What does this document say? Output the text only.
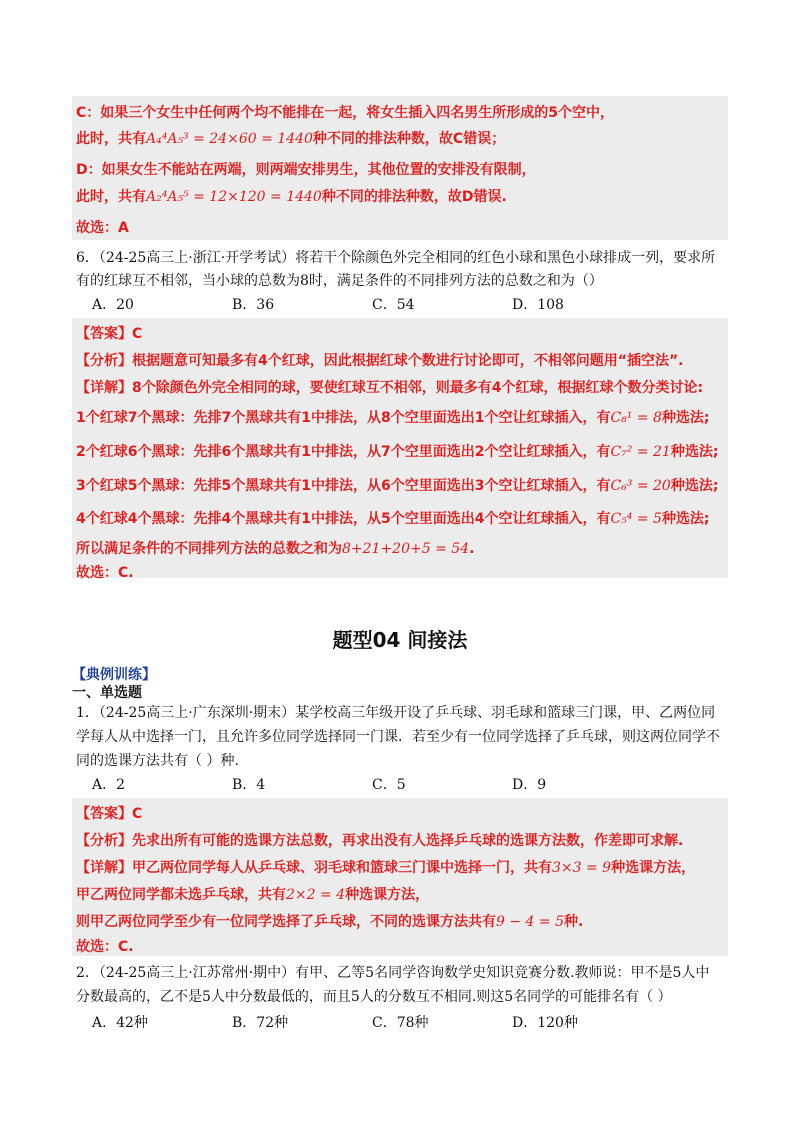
C：如果三个女生中任何两个均不能排在一起，将女生插入四名男生所形成的5个空中，
此时，共有A₄⁴A₅³ = 24×60 = 1440种不同的排法种数，故C错误；
D：如果女生不能站在两端，则两端安排男生，其他位置的安排没有限制，
此时，共有A₂⁴A₅⁵ = 12×120 = 1440种不同的排法种数，故D错误.
故选：A
6．（24-25高三上·浙江·开学考试）将若干个除颜色外完全相同的红色小球和黑色小球排成一列，要求所
有的红球互不相邻，当小球的总数为8时，满足条件的不同排列方法的总数之和为（）
A．20	B．36	C．54	D．108
【答案】C
【分析】根据题意可知最多有4个红球，因此根据红球个数进行讨论即可，不相邻问题用“插空法”.
【详解】8个除颜色外完全相同的球，要使红球互不相邻，则最多有4个红球，根据红球个数分类讨论:
1个红球7个黑球：先排7个黑球共有1中排法，从8个空里面选出1个空让红球插入，有C₈¹ = 8种选法;
2个红球6个黑球：先排6个黑球共有1中排法，从7个空里面选出2个空让红球插入，有C₇² = 21种选法;
3个红球5个黑球：先排5个黑球共有1中排法，从6个空里面选出3个空让红球插入，有C₆³ = 20种选法;
4个红球4个黑球：先排4个黑球共有1中排法，从5个空里面选出4个空让红球插入，有C₅⁴ = 5种选法;
所以满足条件的不同排列方法的总数之和为8+21+20+5 = 54.
故选：C.
题型04 间接法
【典例训练】
一、单选题
1．（24-25高三上·广东深圳·期末）某学校高三年级开设了乒乓球、羽毛球和篮球三门课，甲、乙两位同
学每人从中选择一门，且允许多位同学选择同一门课．若至少有一位同学选择了乒乓球，则这两位同学不
同的选课方法共有（ ）种.
A．2	B．4	C．5	D．9
【答案】C
【分析】先求出所有可能的选课方法总数，再求出没有人选择乒乓球的选课方法数，作差即可求解.
【详解】甲乙两位同学每人从乒乓球、羽毛球和篮球三门课中选择一门，共有3×3 = 9种选课方法，
甲乙两位同学都未选乒乓球，共有2×2 = 4种选课方法，
则甲乙两位同学至少有一位同学选择了乒乓球，不同的选课方法共有9 − 4 = 5种.
故选：C.
2．（24-25高三上·江苏常州·期中）有甲、乙等5名同学咨询数学史知识竞赛分数.教师说：甲不是5人中
分数最高的，乙不是5人中分数最低的，而且5人的分数互不相同.则这5名同学的可能排名有（ ）
A．42种	B．72种	C．78种	D．120种
